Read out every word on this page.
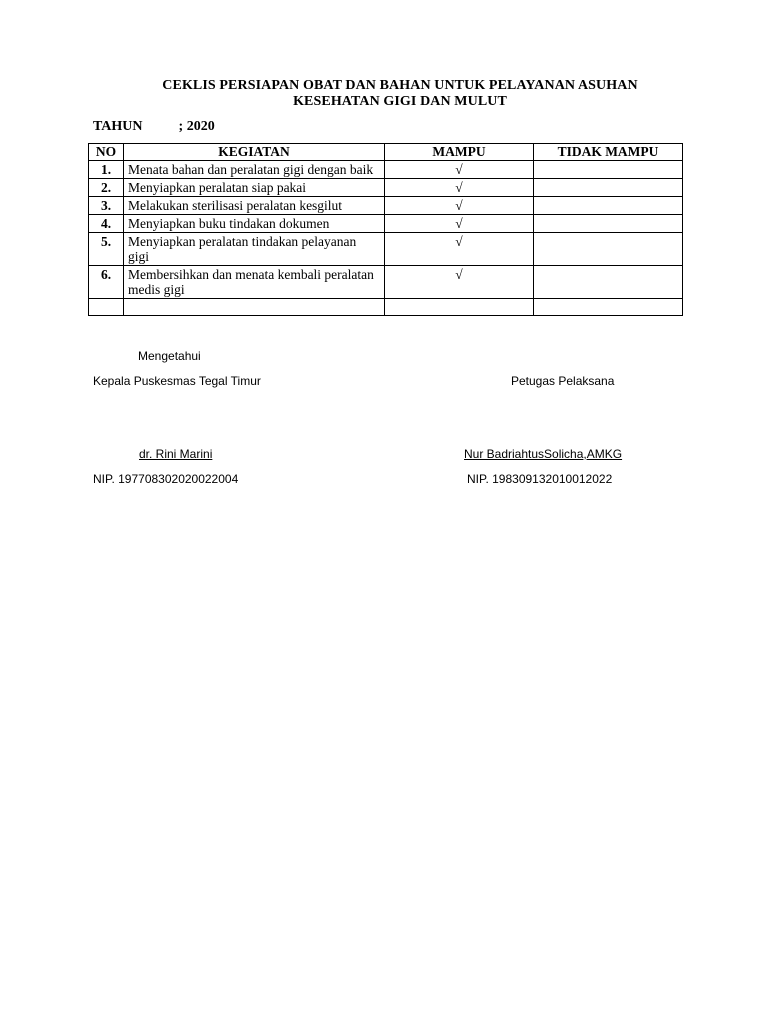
CEKLIS PERSIAPAN OBAT DAN BAHAN UNTUK PELAYANAN ASUHAN
KESEHATAN GIGI DAN MULUT
TAHUN	; 2020
NO	KEGIATAN	MAMPU	TIDAK MAMPU
1.	Menata bahan dan peralatan gigi dengan baik	√	
2.	Menyiapkan peralatan siap pakai	√	
3.	Melakukan sterilisasi peralatan kesgilut	√	
4.	Menyiapkan buku tindakan dokumen	√	
5.	Menyiapkan peralatan tindakan pelayanan gigi	√	
6.	Membersihkan dan menata kembali peralatan medis gigi	√	

Mengetahui
Kepala Puskesmas Tegal Timur	Petugas Pelaksana
dr. Rini Marini	Nur BadriahtusSolicha,AMKG
NIP. 197708302020022004	NIP. 198309132010012022
